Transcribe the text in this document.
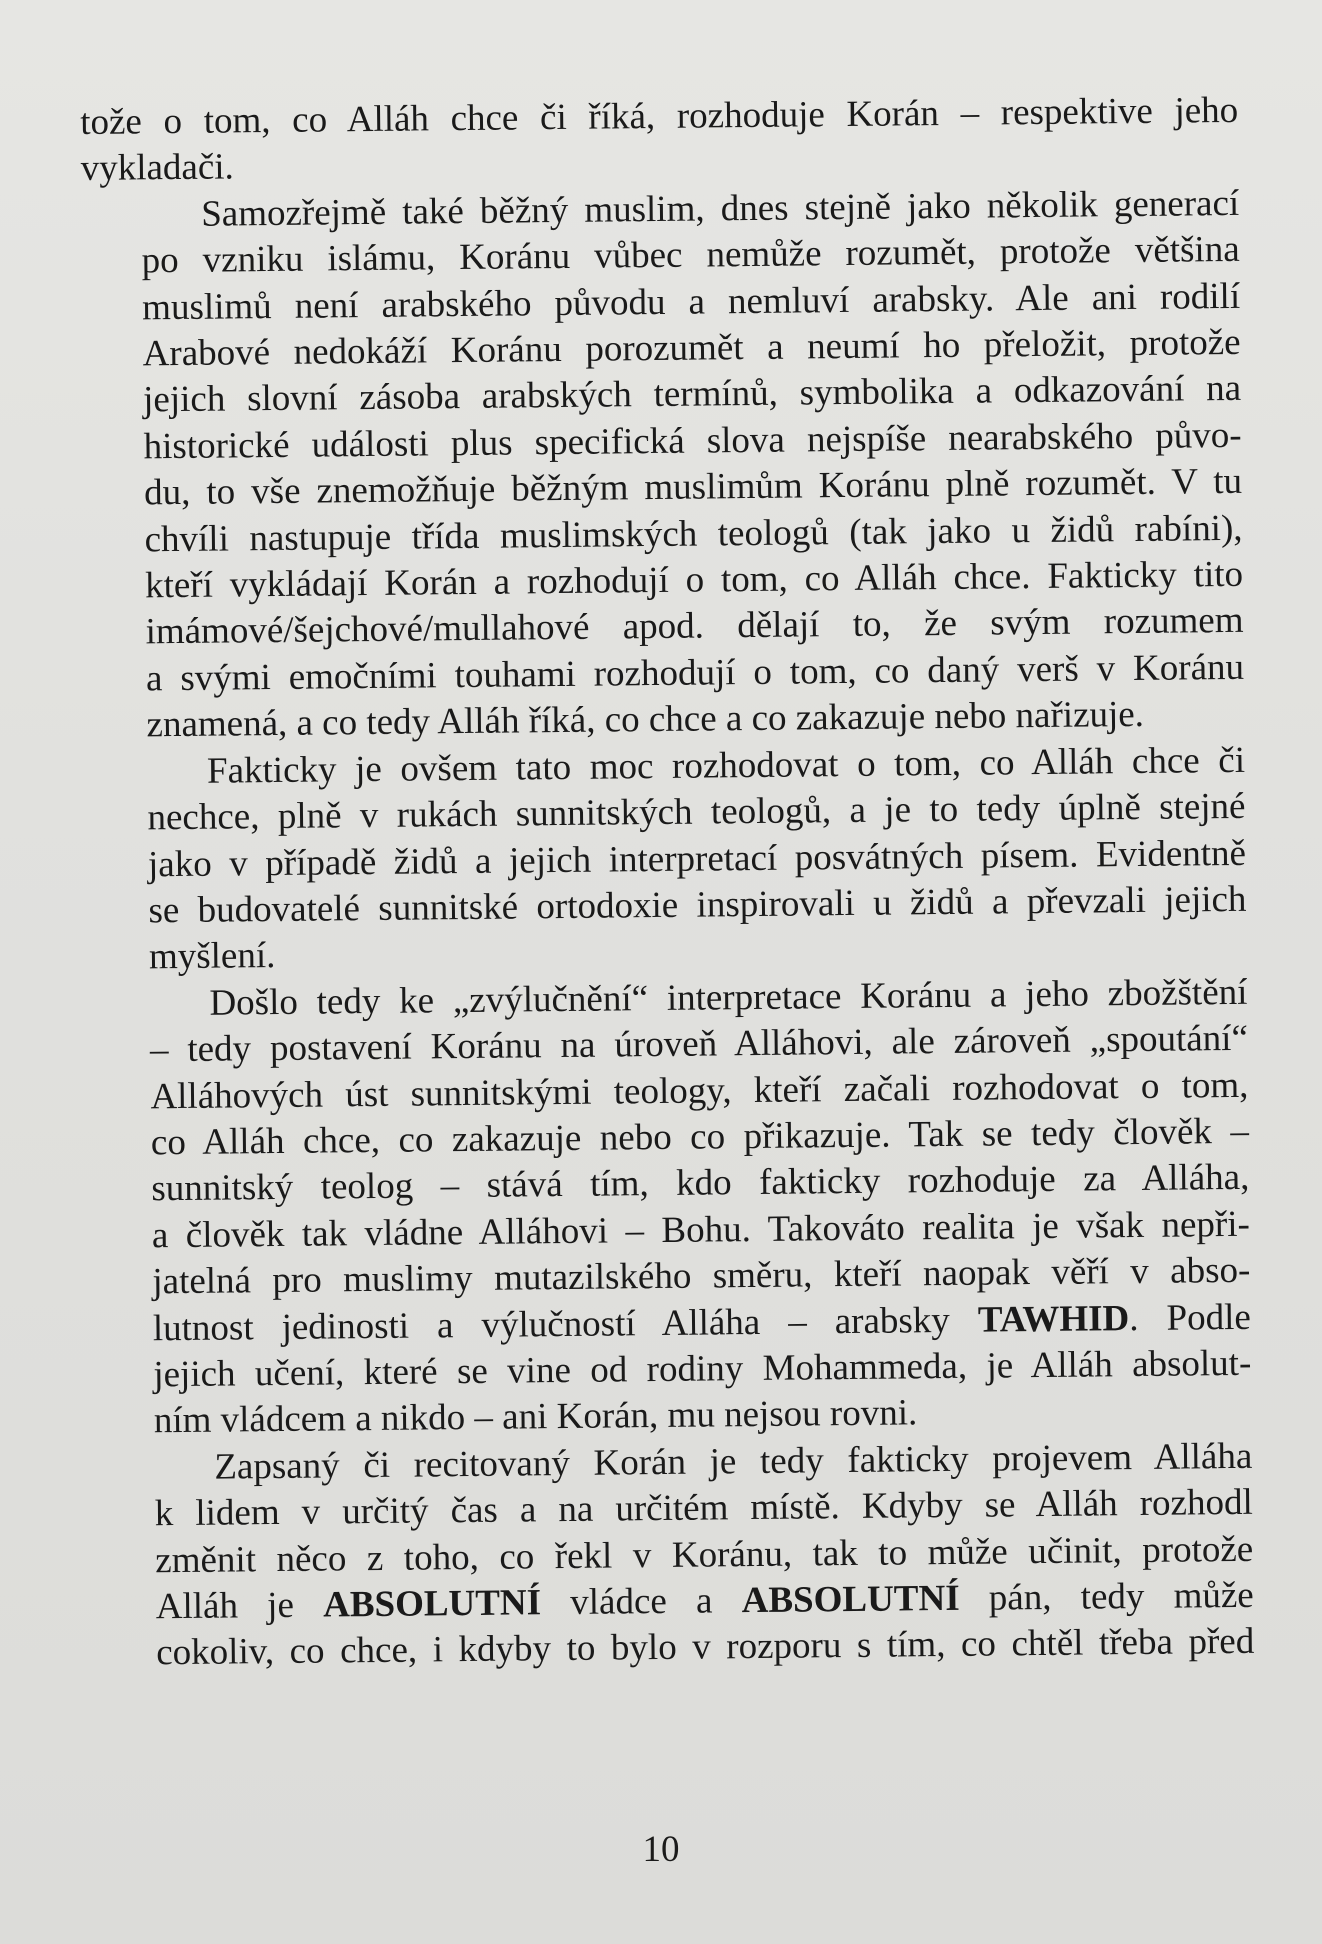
tože o tom, co Alláh chce či říká, rozhoduje Korán – respektive jeho
vykladači.
Samozřejmě také běžný muslim, dnes stejně jako několik generací
po vzniku islámu, Koránu vůbec nemůže rozumět, protože většina
muslimů není arabského původu a nemluví arabsky. Ale ani rodilí
Arabové nedokáží Koránu porozumět a neumí ho přeložit, protože
jejich slovní zásoba arabských termínů, symbolika a odkazování na
historické události plus specifická slova nejspíše nearabského půvo-
du, to vše znemožňuje běžným muslimům Koránu plně rozumět. V tu
chvíli nastupuje třída muslimských teologů (tak jako u židů rabíni),
kteří vykládají Korán a rozhodují o tom, co Alláh chce. Fakticky tito
imámové/šejchové/mullahové apod. dělají to, že svým rozumem
a svými emočními touhami rozhodují o tom, co daný verš v Koránu
znamená, a co tedy Alláh říká, co chce a co zakazuje nebo nařizuje.
Fakticky je ovšem tato moc rozhodovat o tom, co Alláh chce či
nechce, plně v rukách sunnitských teologů, a je to tedy úplně stejné
jako v případě židů a jejich interpretací posvátných písem. Evidentně
se budovatelé sunnitské ortodoxie inspirovali u židů a převzali jejich
myšlení.
Došlo tedy ke „zvýlučnění“ interpretace Koránu a jeho zbožštění
– tedy postavení Koránu na úroveň Alláhovi, ale zároveň „spoutání“
Alláhových úst sunnitskými teology, kteří začali rozhodovat o tom,
co Alláh chce, co zakazuje nebo co přikazuje. Tak se tedy člověk –
sunnitský teolog – stává tím, kdo fakticky rozhoduje za Alláha,
a člověk tak vládne Alláhovi – Bohu. Takováto realita je však nepři-
jatelná pro muslimy mutazilského směru, kteří naopak věří v abso-
lutnost jedinosti a výlučností Alláha – arabsky TAWHID. Podle
jejich učení, které se vine od rodiny Mohammeda, je Alláh absolut-
ním vládcem a nikdo – ani Korán, mu nejsou rovni.
Zapsaný či recitovaný Korán je tedy fakticky projevem Alláha
k lidem v určitý čas a na určitém místě. Kdyby se Alláh rozhodl
změnit něco z toho, co řekl v Koránu, tak to může učinit, protože
Alláh je ABSOLUTNÍ vládce a ABSOLUTNÍ pán, tedy může
cokoliv, co chce, i kdyby to bylo v rozporu s tím, co chtěl třeba před
10
